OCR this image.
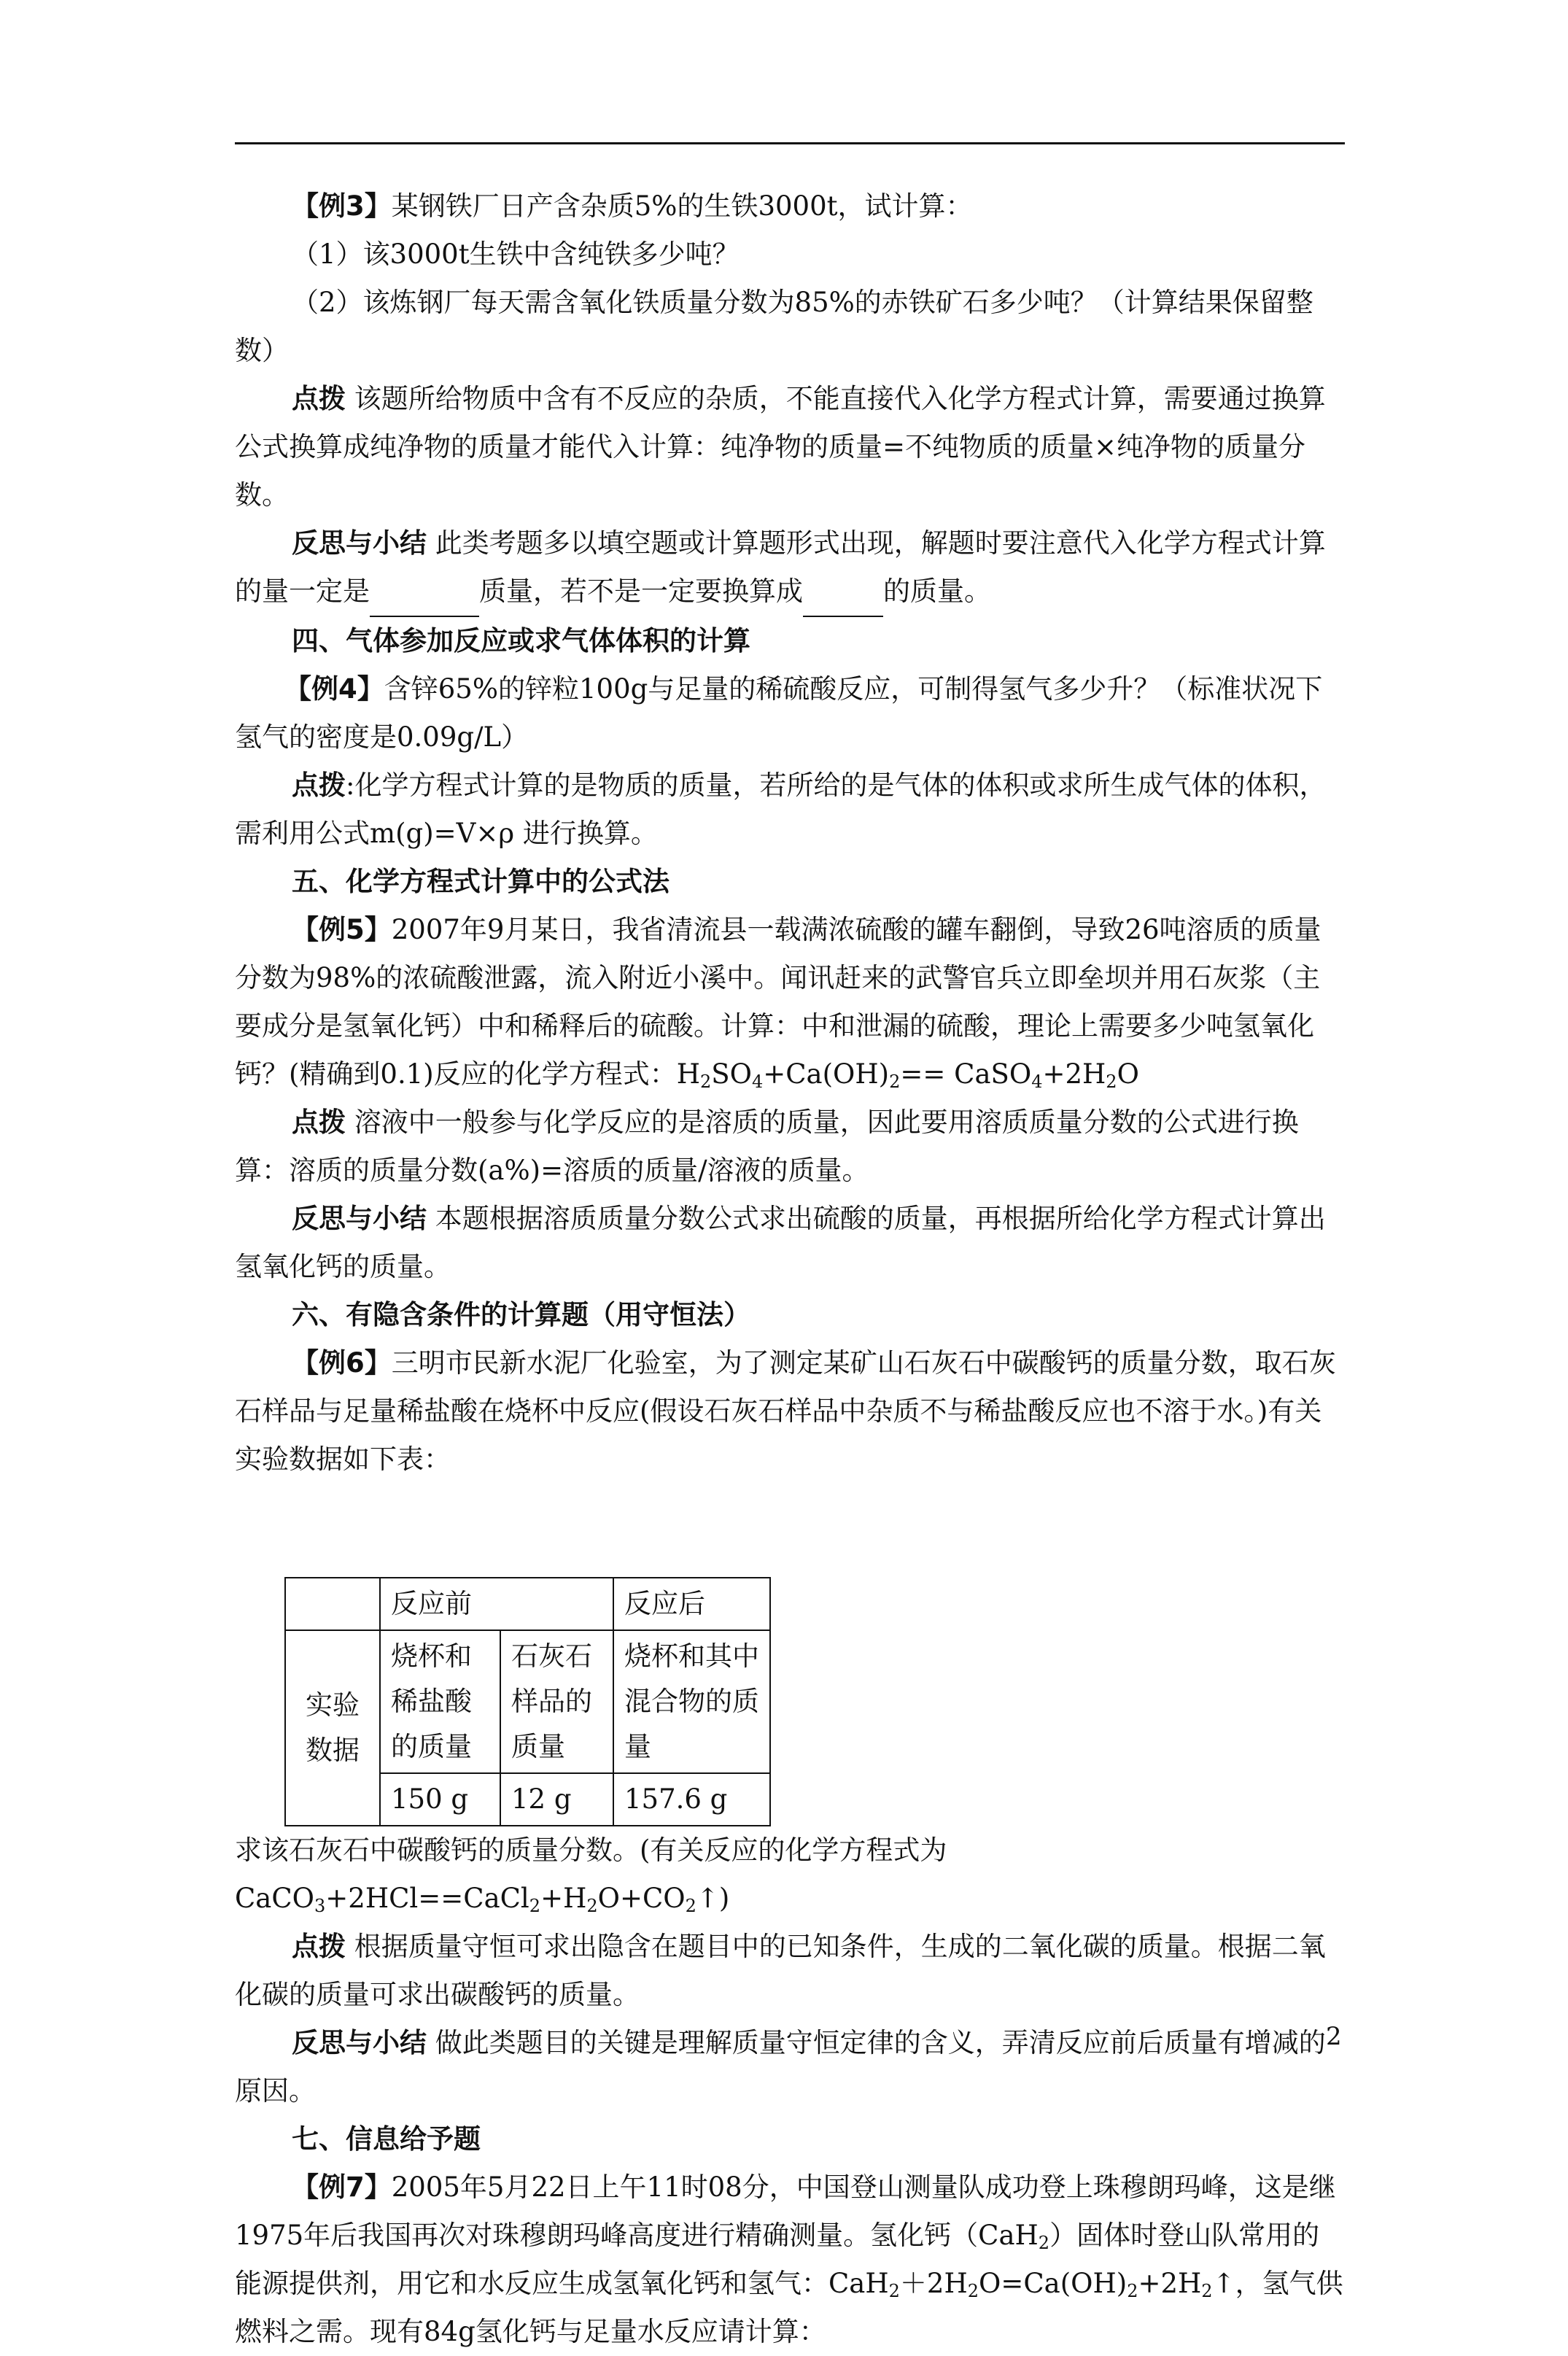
【例3】某钢铁厂日产含杂质5%的生铁3000t，试计算：

（1）该3000t生铁中含纯铁多少吨？

（2）该炼钢厂每天需含氧化铁质量分数为85%的赤铁矿石多少吨？（计算结果保留整数）

点拨 该题所给物质中含有不反应的杂质，不能直接代入化学方程式计算，需要通过换算公式换算成纯净物的质量才能代入计算：纯净物的质量=不纯物质的质量×纯净物的质量分数。

反思与小结 此类考题多以填空题或计算题形式出现，解题时要注意代入化学方程式计算的量一定是	质量，若不是一定要换算成	的质量。

四、气体参加反应或求气体体积的计算

【例4】含锌65%的锌粒100g与足量的稀硫酸反应，可制得氢气多少升？（标准状况下氢气的密度是0.09g/L）

点拨:化学方程式计算的是物质的质量，若所给的是气体的体积或求所生成气体的体积，需利用公式m(g)=V×ρ 进行换算。

五、化学方程式计算中的公式法

【例5】2007年9月某日，我省清流县一载满浓硫酸的罐车翻倒，导致26吨溶质的质量分数为98%的浓硫酸泄露，流入附近小溪中。闻讯赶来的武警官兵立即垒坝并用石灰浆（主要成分是氢氧化钙）中和稀释后的硫酸。计算：中和泄漏的硫酸，理论上需要多少吨氢氧化钙？(精确到0.1)反应的化学方程式：$H_2SO_4+Ca(OH)_2==$ $CaSO_4+2H_2O$

点拨 溶液中一般参与化学反应的是溶质的质量，因此要用溶质质量分数的公式进行换算：溶质的质量分数(a%)=溶质的质量/溶液的质量。

反思与小结 本题根据溶质质量分数公式求出硫酸的质量，再根据所给化学方程式计算出氢氧化钙的质量。

六、有隐含条件的计算题（用守恒法）

【例6】三明市民新水泥厂化验室，为了测定某矿山石灰石中碳酸钙的质量分数，取石灰石样品与足量稀盐酸在烧杯中反应(假设石灰石样品中杂质不与稀盐酸反应也不溶于水。)有关实验数据如下表：

	反应前		反应后

实验数据	烧杯和稀盐酸的质量	石灰石样品的质量	烧杯和其中混合物的质量
	150 g	12 g	157.6 g

求该石灰石中碳酸钙的质量分数。(有关反应的化学方程式为$CaCO_3+2HCl==CaCl_2+H_2O+CO_2↑$)

点拨 根据质量守恒可求出隐含在题目中的已知条件，生成的二氧化碳的质量。根据二氧化碳的质量可求出碳酸钙的质量。

反思与小结 做此类题目的关键是理解质量守恒定律的含义，弄清反应前后质量有增减的原因。

七、信息给予题

【例7】2005年5月22日上午11时08分，中国登山测量队成功登上珠穆朗玛峰，这是继1975年后我国再次对珠穆朗玛峰高度进行精确测量。氢化钙（CaH$_2$）固体时登山队常用的能源提供剂，用它和水反应生成氢氧化钙和氢气：$CaH_2+2H_2O=Ca(OH)_2+2H_2↑$，氢气供燃料之需。现有84g氢化钙与足量水反应请计算：

2
